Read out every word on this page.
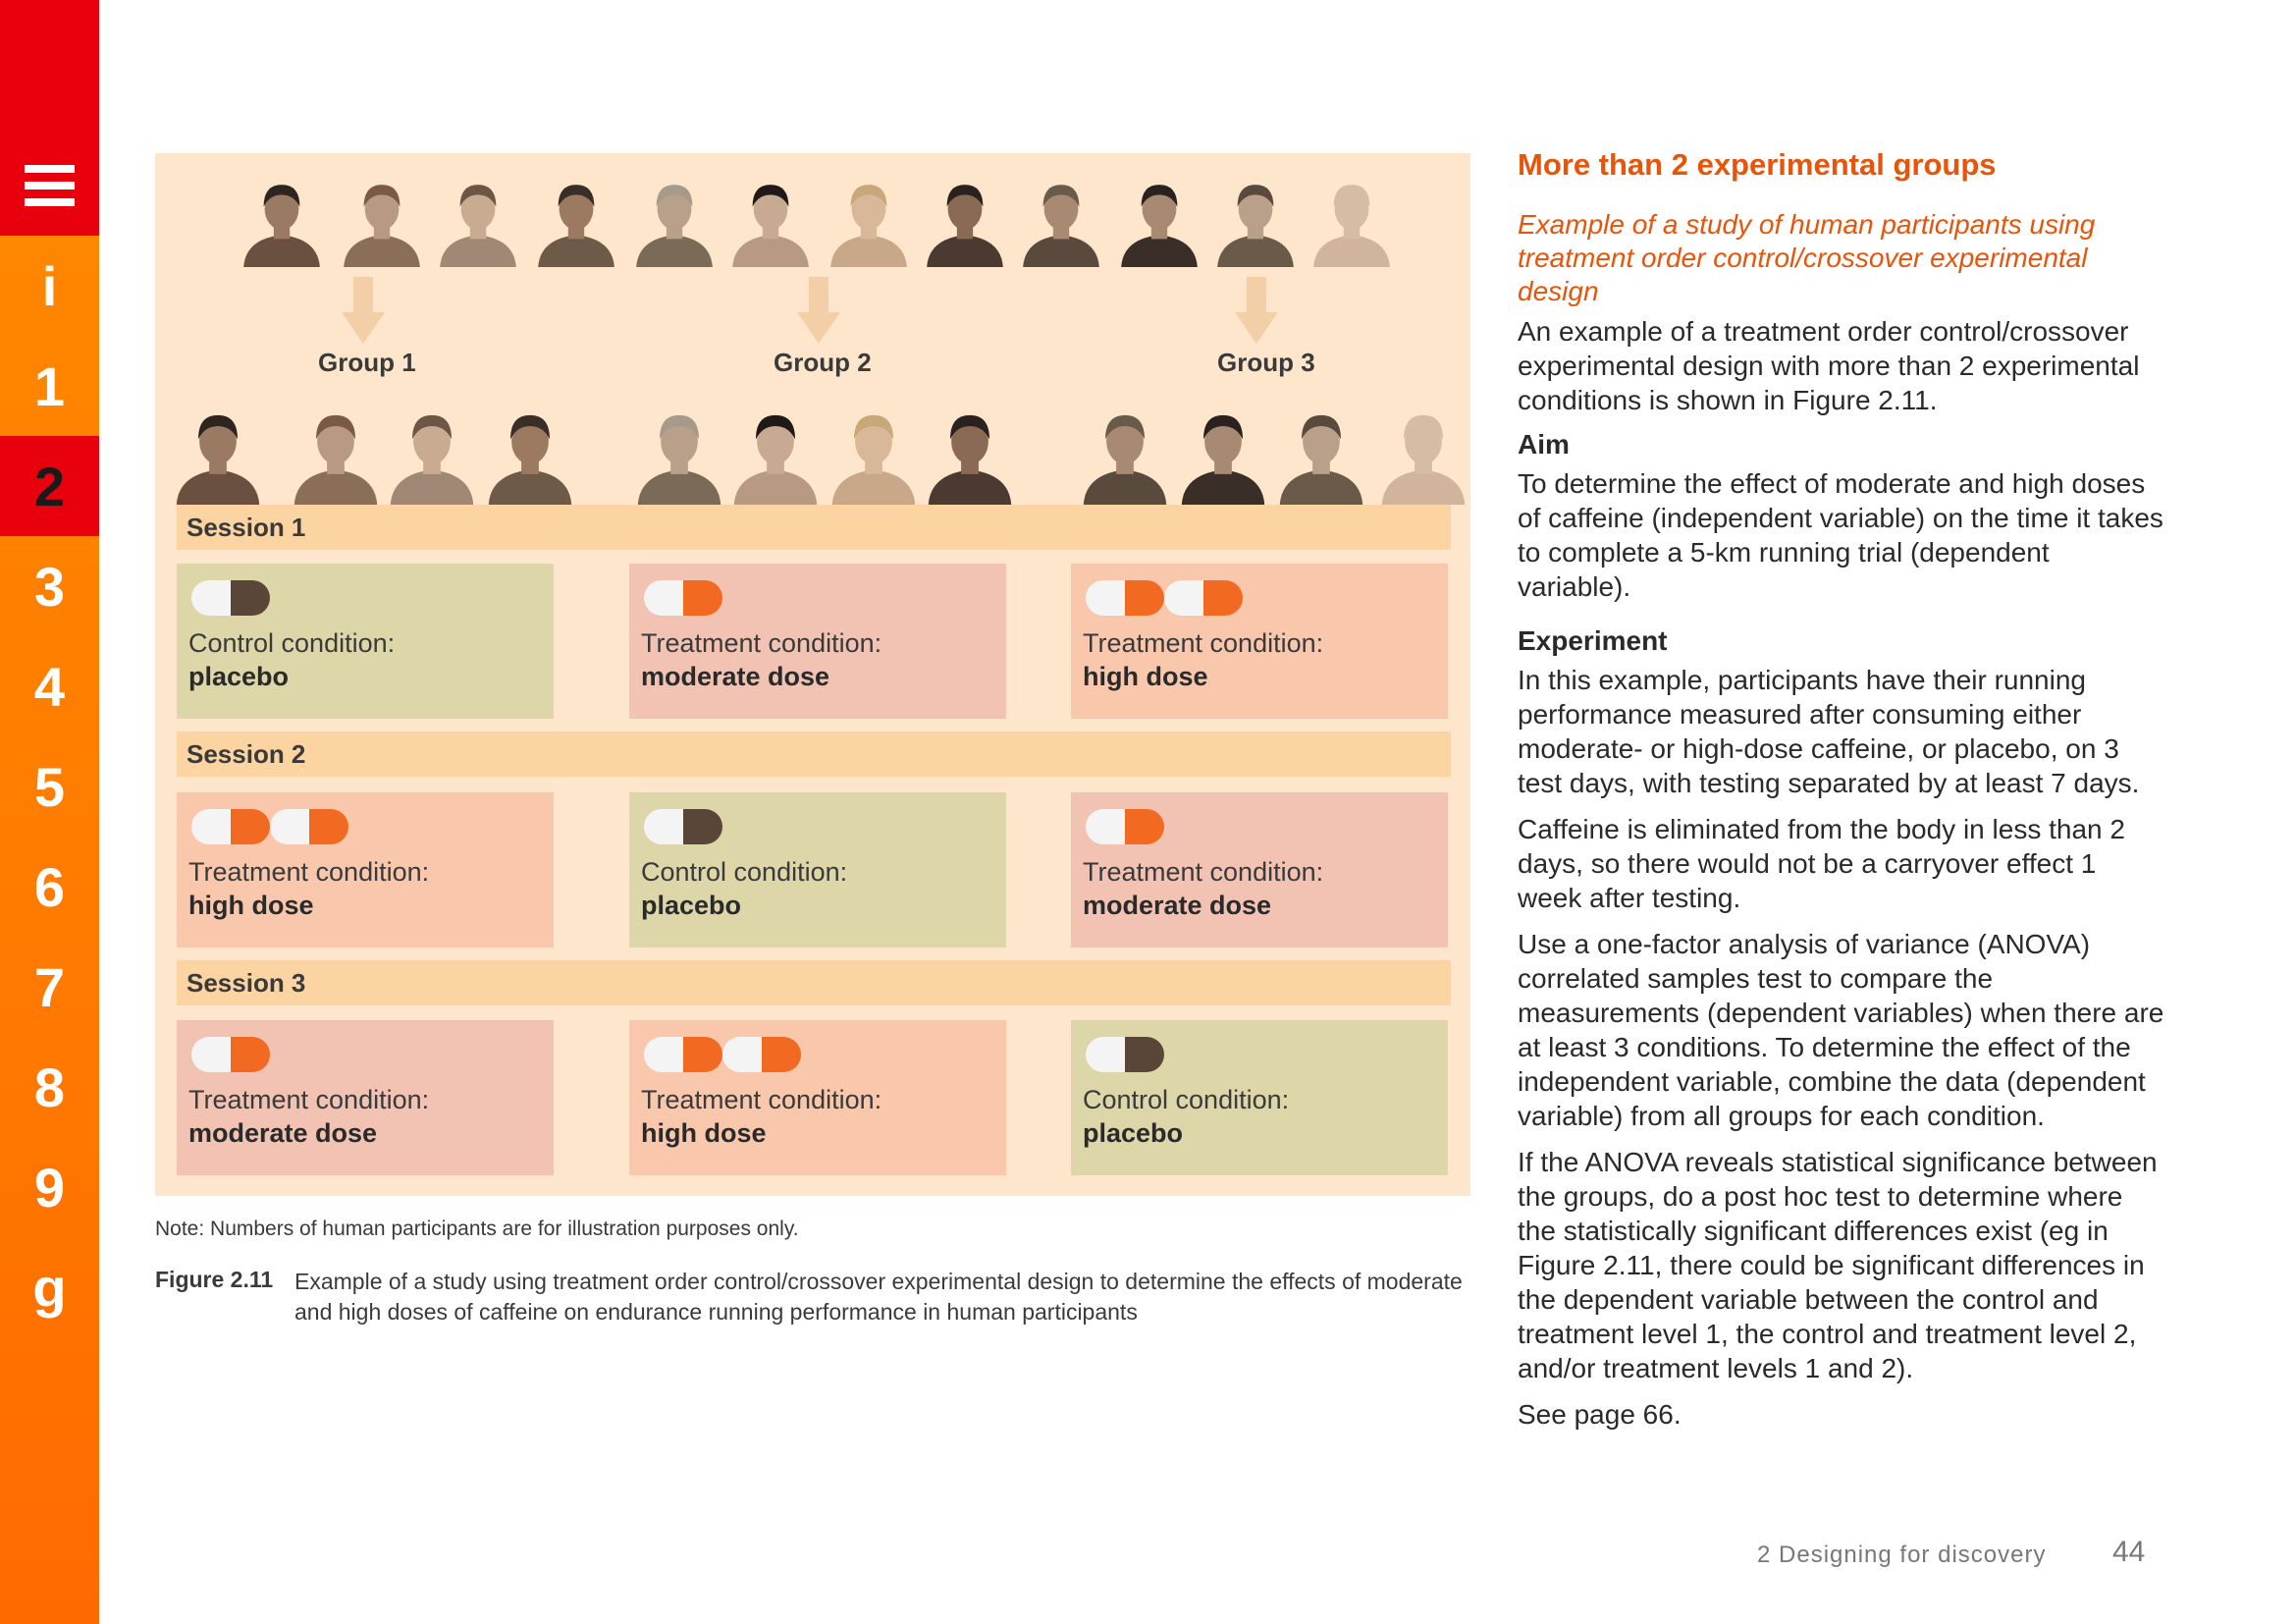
i
1
2
3
4
5
6
7
8
9
g
Group 1	Group 2	Group 3
Session 1
Control condition:
placebo
Treatment condition:
moderate dose
Treatment condition:
high dose
Session 2
Treatment condition:
high dose
Control condition:
placebo
Treatment condition:
moderate dose
Session 3
Treatment condition:
moderate dose
Treatment condition:
high dose
Control condition:
placebo
Note: Numbers of human participants are for illustration purposes only.
Figure 2.11 Example of a study using treatment order control/crossover experimental design to determine the effects of moderate and high doses of caffeine on endurance running performance in human participants
More than 2 experimental groups
Example of a study of human participants using treatment order control/crossover experimental design

An example of a treatment order control/crossover experimental design with more than 2 experimental conditions is shown in Figure 2.11.

Aim

To determine the effect of moderate and high doses of caffeine (independent variable) on the time it takes to complete a 5-km running trial (dependent variable).

Experiment

In this example, participants have their running performance measured after consuming either moderate- or high-dose caffeine, or placebo, on 3 test days, with testing separated by at least 7 days.

Caffeine is eliminated from the body in less than 2 days, so there would not be a carryover effect 1 week after testing.

Use a one-factor analysis of variance (ANOVA) correlated samples test to compare the measurements (dependent variables) when there are at least 3 conditions. To determine the effect of the independent variable, combine the data (dependent variable) from all groups for each condition.

If the ANOVA reveals statistical significance between the groups, do a post hoc test to determine where the statistically significant differences exist (eg in Figure 2.11, there could be significant differences in the dependent variable between the control and treatment level 1, the control and treatment level 2, and/or treatment levels 1 and 2).

See page 66.

2 Designing for discovery 44
